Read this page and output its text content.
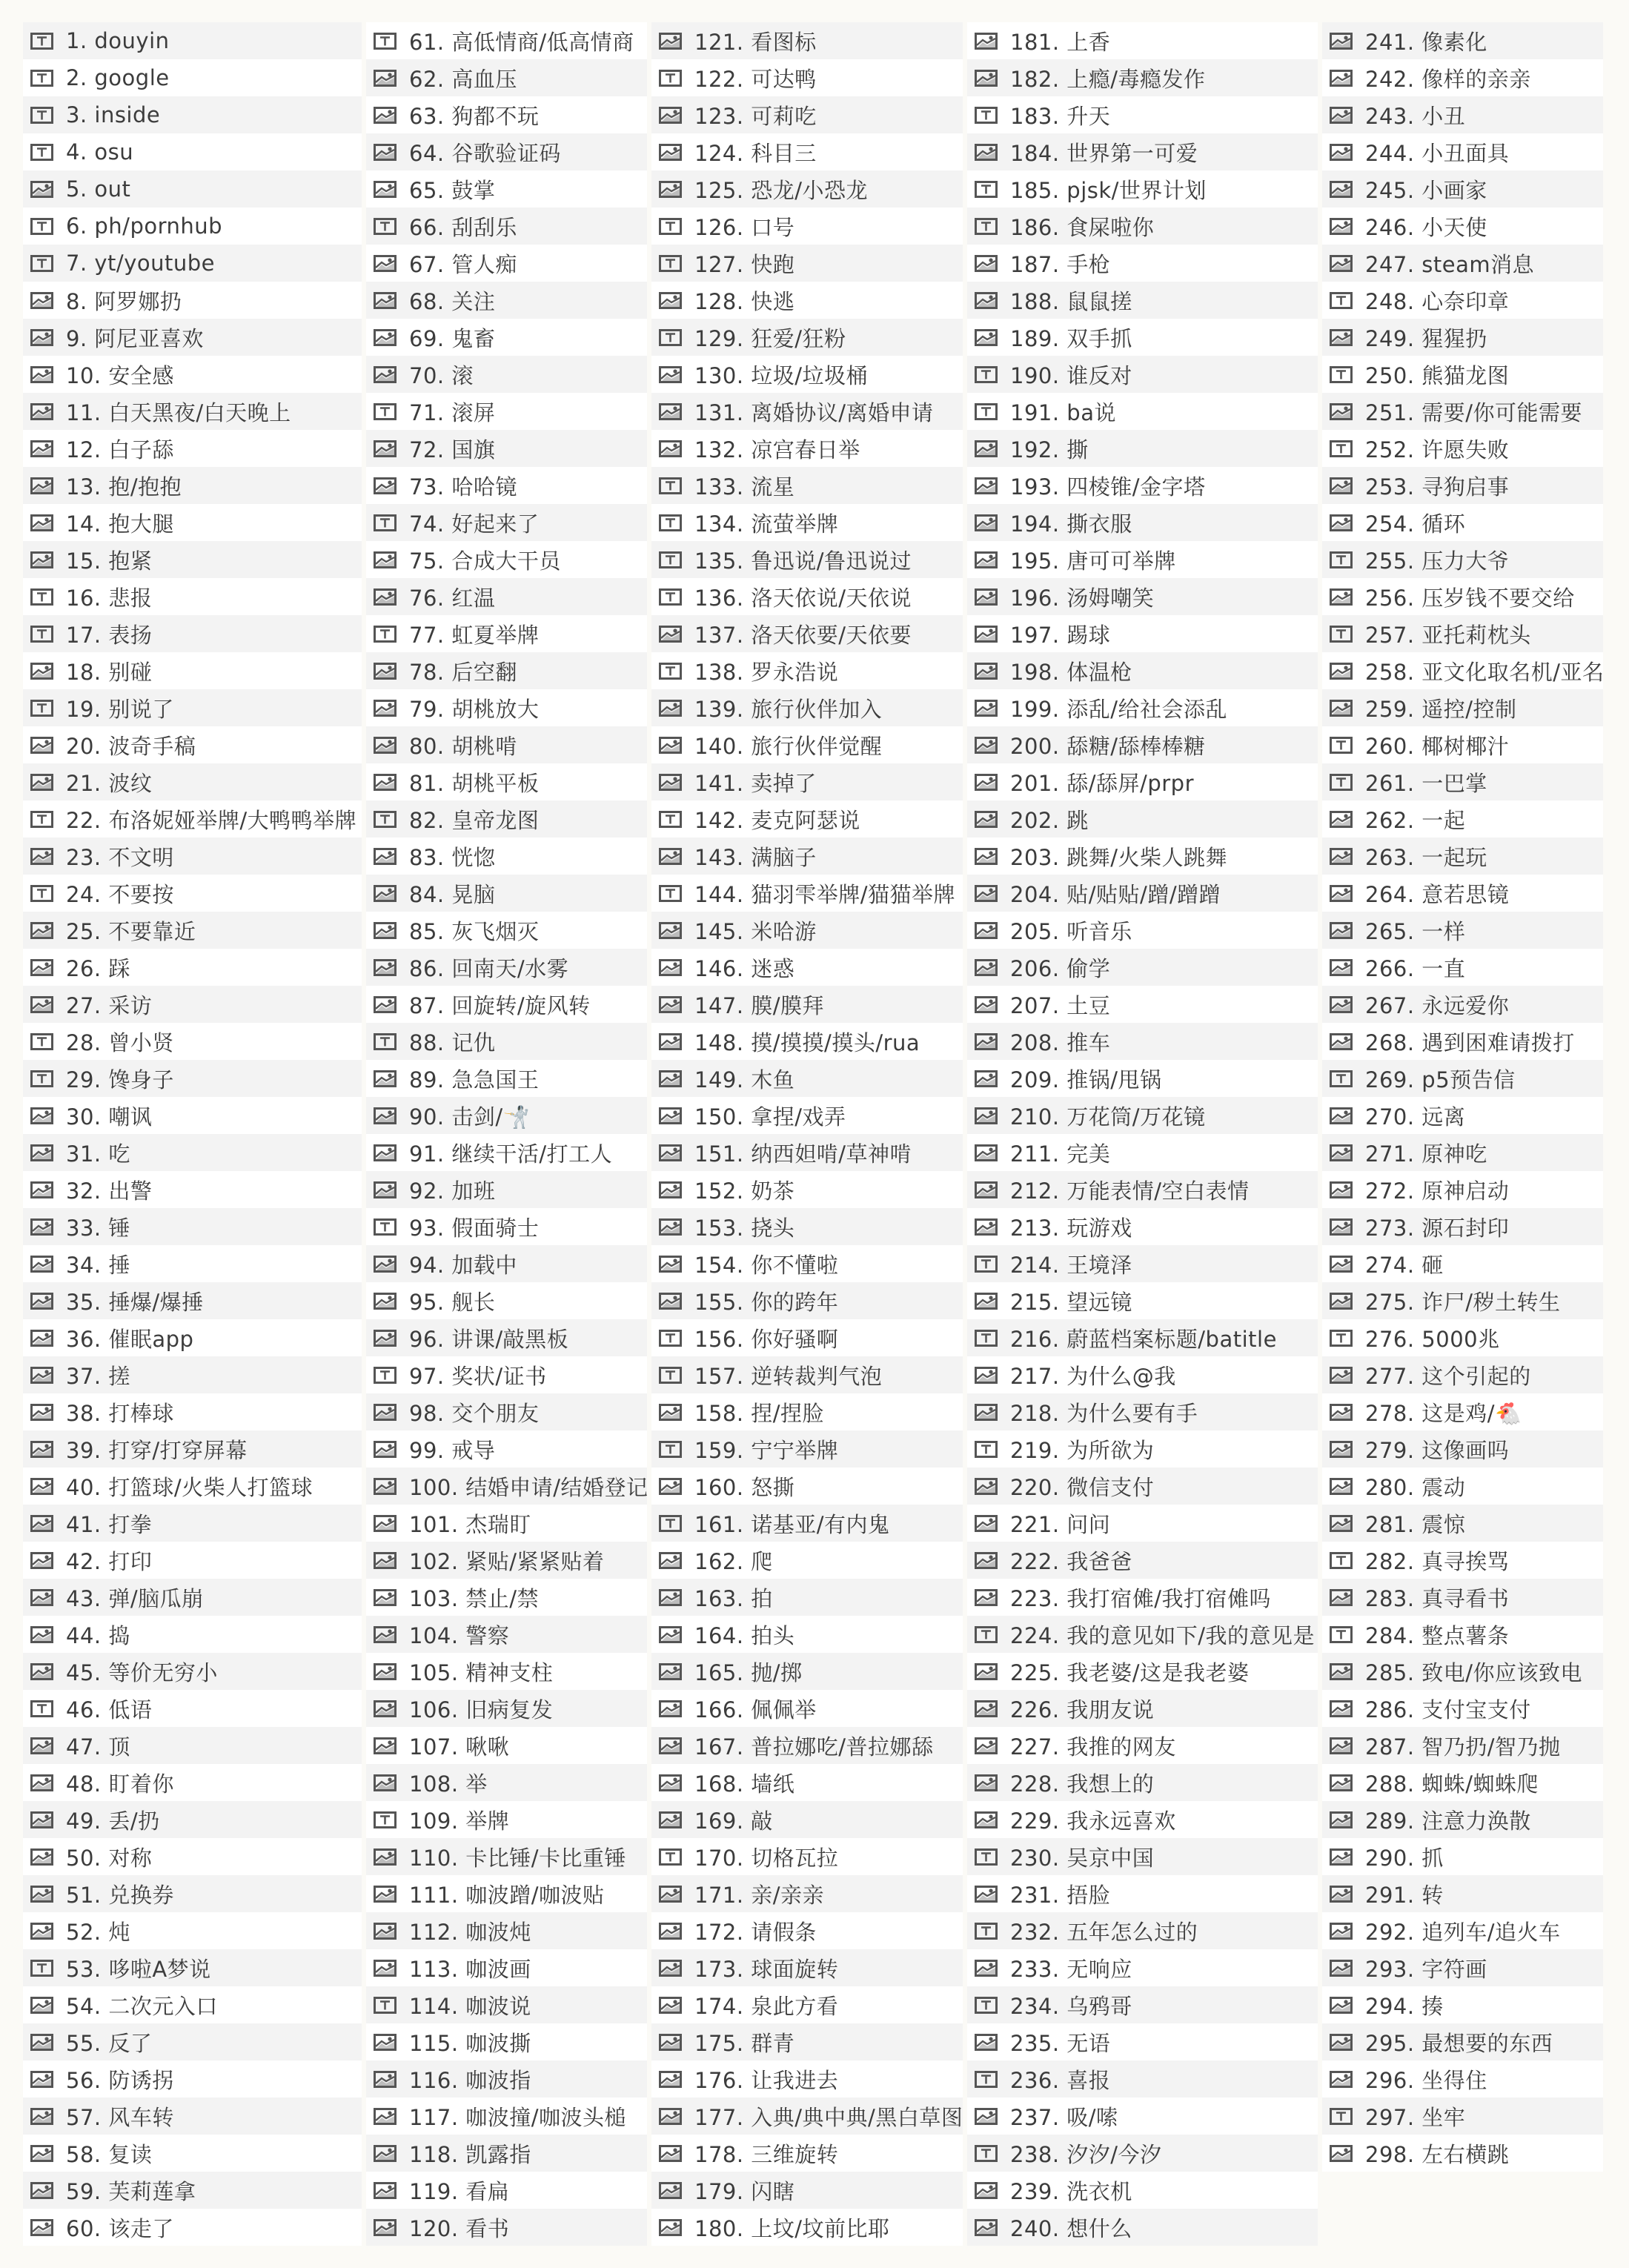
1. douyin
2. google
3. inside
4. osu
5. out
6. ph/pornhub
7. yt/youtube
8. 阿罗娜扔
9. 阿尼亚喜欢
10. 安全感
11. 白天黑夜/白天晚上
12. 白子舔
13. 抱/抱抱
14. 抱大腿
15. 抱紧
16. 悲报
17. 表扬
18. 别碰
19. 别说了
20. 波奇手稿
21. 波纹
22. 布洛妮娅举牌/大鸭鸭举牌
23. 不文明
24. 不要按
25. 不要靠近
26. 踩
27. 采访
28. 曾小贤
29. 馋身子
30. 嘲讽
31. 吃
32. 出警
33. 锤
34. 捶
35. 捶爆/爆捶
36. 催眠app
37. 搓
38. 打棒球
39. 打穿/打穿屏幕
40. 打篮球/火柴人打篮球
41. 打拳
42. 打印
43. 弹/脑瓜崩
44. 捣
45. 等价无穷小
46. 低语
47. 顶
48. 盯着你
49. 丢/扔
50. 对称
51. 兑换券
52. 炖
53. 哆啦A梦说
54. 二次元入口
55. 反了
56. 防诱拐
57. 风车转
58. 复读
59. 芙莉莲拿
60. 该走了
61. 高低情商/低高情商
62. 高血压
63. 狗都不玩
64. 谷歌验证码
65. 鼓掌
66. 刮刮乐
67. 管人痴
68. 关注
69. 鬼畜
70. 滚
71. 滚屏
72. 国旗
73. 哈哈镜
74. 好起来了
75. 合成大干员
76. 红温
77. 虹夏举牌
78. 后空翻
79. 胡桃放大
80. 胡桃啃
81. 胡桃平板
82. 皇帝龙图
83. 恍惚
84. 晃脑
85. 灰飞烟灭
86. 回南天/水雾
87. 回旋转/旋风转
88. 记仇
89. 急急国王
90. 击剑/🤺
91. 继续干活/打工人
92. 加班
93. 假面骑士
94. 加载中
95. 舰长
96. 讲课/敲黑板
97. 奖状/证书
98. 交个朋友
99. 戒导
100. 结婚申请/结婚登记
101. 杰瑞盯
102. 紧贴/紧紧贴着
103. 禁止/禁
104. 警察
105. 精神支柱
106. 旧病复发
107. 啾啾
108. 举
109. 举牌
110. 卡比锤/卡比重锤
111. 咖波蹭/咖波贴
112. 咖波炖
113. 咖波画
114. 咖波说
115. 咖波撕
116. 咖波指
117. 咖波撞/咖波头槌
118. 凯露指
119. 看扁
120. 看书
121. 看图标
122. 可达鸭
123. 可莉吃
124. 科目三
125. 恐龙/小恐龙
126. 口号
127. 快跑
128. 快逃
129. 狂爱/狂粉
130. 垃圾/垃圾桶
131. 离婚协议/离婚申请
132. 凉宫春日举
133. 流星
134. 流萤举牌
135. 鲁迅说/鲁迅说过
136. 洛天依说/天依说
137. 洛天依要/天依要
138. 罗永浩说
139. 旅行伙伴加入
140. 旅行伙伴觉醒
141. 卖掉了
142. 麦克阿瑟说
143. 满脑子
144. 猫羽雫举牌/猫猫举牌
145. 米哈游
146. 迷惑
147. 膜/膜拜
148. 摸/摸摸/摸头/rua
149. 木鱼
150. 拿捏/戏弄
151. 纳西妲啃/草神啃
152. 奶茶
153. 挠头
154. 你不懂啦
155. 你的跨年
156. 你好骚啊
157. 逆转裁判气泡
158. 捏/捏脸
159. 宁宁举牌
160. 怒撕
161. 诺基亚/有内鬼
162. 爬
163. 拍
164. 拍头
165. 抛/掷
166. 佩佩举
167. 普拉娜吃/普拉娜舔
168. 墙纸
169. 敲
170. 切格瓦拉
171. 亲/亲亲
172. 请假条
173. 球面旋转
174. 泉此方看
175. 群青
176. 让我进去
177. 入典/典中典/黑白草图
178. 三维旋转
179. 闪瞎
180. 上坟/坟前比耶
181. 上香
182. 上瘾/毒瘾发作
183. 升天
184. 世界第一可爱
185. pjsk/世界计划
186. 食屎啦你
187. 手枪
188. 鼠鼠搓
189. 双手抓
190. 谁反对
191. ba说
192. 撕
193. 四棱锥/金字塔
194. 撕衣服
195. 唐可可举牌
196. 汤姆嘲笑
197. 踢球
198. 体温枪
199. 添乱/给社会添乱
200. 舔糖/舔棒棒糖
201. 舔/舔屏/prpr
202. 跳
203. 跳舞/火柴人跳舞
204. 贴/贴贴/蹭/蹭蹭
205. 听音乐
206. 偷学
207. 土豆
208. 推车
209. 推锅/甩锅
210. 万花筒/万花镜
211. 完美
212. 万能表情/空白表情
213. 玩游戏
214. 王境泽
215. 望远镜
216. 蔚蓝档案标题/batitle
217. 为什么@我
218. 为什么要有手
219. 为所欲为
220. 微信支付
221. 问问
222. 我爸爸
223. 我打宿傩/我打宿傩吗
224. 我的意见如下/我的意见是
225. 我老婆/这是我老婆
226. 我朋友说
227. 我推的网友
228. 我想上的
229. 我永远喜欢
230. 吴京中国
231. 捂脸
232. 五年怎么过的
233. 无响应
234. 乌鸦哥
235. 无语
236. 喜报
237. 吸/嗦
238. 汐汐/今汐
239. 洗衣机
240. 想什么
241. 像素化
242. 像样的亲亲
243. 小丑
244. 小丑面具
245. 小画家
246. 小天使
247. steam消息
248. 心奈印章
249. 猩猩扔
250. 熊猫龙图
251. 需要/你可能需要
252. 许愿失败
253. 寻狗启事
254. 循环
255. 压力大爷
256. 压岁钱不要交给
257. 亚托莉枕头
258. 亚文化取名机/亚名
259. 遥控/控制
260. 椰树椰汁
261. 一巴掌
262. 一起
263. 一起玩
264. 意若思镜
265. 一样
266. 一直
267. 永远爱你
268. 遇到困难请拨打
269. p5预告信
270. 远离
271. 原神吃
272. 原神启动
273. 源石封印
274. 砸
275. 诈尸/秽土转生
276. 5000兆
277. 这个引起的
278. 这是鸡/🐔
279. 这像画吗
280. 震动
281. 震惊
282. 真寻挨骂
283. 真寻看书
284. 整点薯条
285. 致电/你应该致电
286. 支付宝支付
287. 智乃扔/智乃抛
288. 蜘蛛/蜘蛛爬
289. 注意力涣散
290. 抓
291. 转
292. 追列车/追火车
293. 字符画
294. 揍
295. 最想要的东西
296. 坐得住
297. 坐牢
298. 左右横跳
